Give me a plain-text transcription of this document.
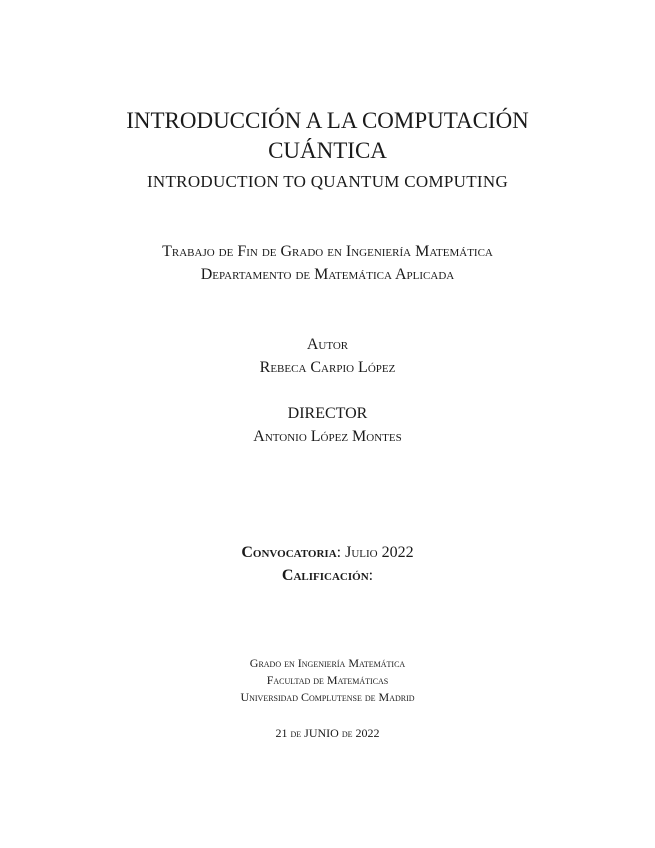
INTRODUCCIÓN A LA COMPUTACIÓN
CUÁNTICA
INTRODUCTION TO QUANTUM COMPUTING
Trabajo de Fin de Grado en Ingeniería Matemática
Departamento de Matemática Aplicada
Autor
Rebeca Carpio López
DIRECTOR
Antonio López Montes
Convocatoria: Julio 2022
Calificación:
Grado en Ingeniería Matemática
Facultad de Matemáticas
Universidad Complutense de Madrid
21 de JUNIO de 2022
